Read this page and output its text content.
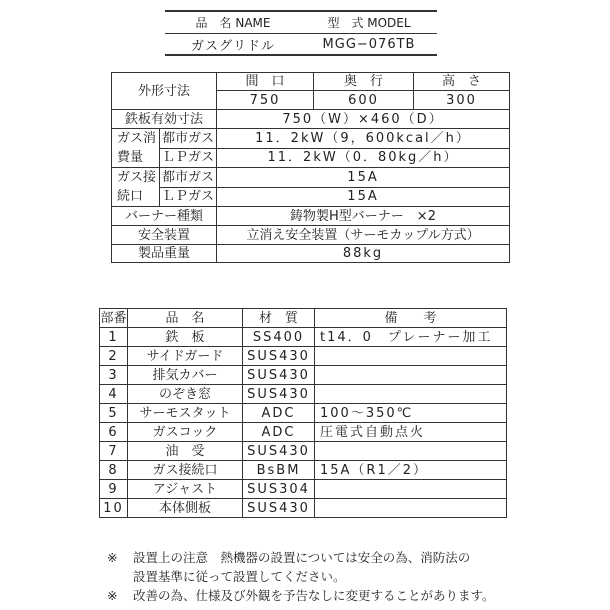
品　名 NAME	型　式 MODEL
ガスグリドル	MGG−076TB
外形寸法		間　口	奥　行	高　さ
		750	600	300
鉄板有効寸法		750（W）×460（D）		
ガス消費量	都市ガス	11．2kW（9，600kcal／h）		
	ＬＰガス	11．2kW（0．80kg／h）		
ガス接続口	都市ガス	15A		
	ＬＰガス	15A		
バーナー種類		鋳物製H型バーナー　×2		
安全装置		立消え安全装置（サーモカップル方式）		
製品重量		88kg		
部番	品　名	材　質	備　　考
1	鉄　板	SS400	t14．0　プレーナー加工
2	サイドガード	SUS430	
3	排気カバー	SUS430	
4	のぞき窓	SUS430	
5	サーモスタット	ADC	100〜350℃
6	ガスコック	ADC	圧電式自動点火
7	油　受	SUS430	
8	ガス接続口	BsBM	15A（R1／2）
9	アジャスト	SUS304	
10	本体側板	SUS430	
※	設置上の注意　熱機器の設置については安全の為、消防法の
設置基準に従って設置してください。
※	改善の為、仕様及び外観を予告なしに変更することがあります。
